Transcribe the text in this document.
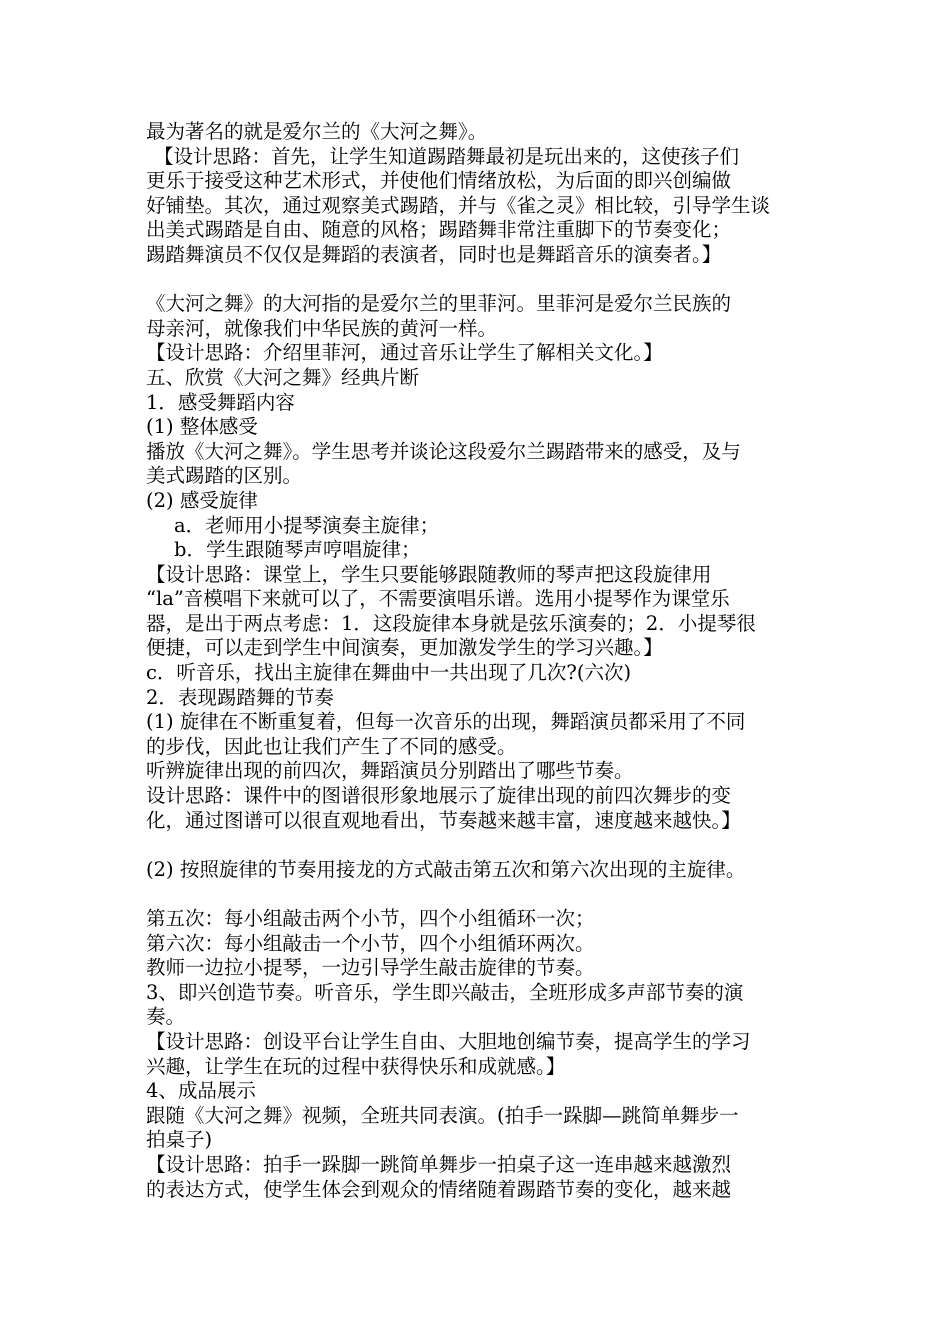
最为著名的就是爱尔兰的《大河之舞》。
【设计思路：首先，让学生知道踢踏舞最初是玩出来的，这使孩子们
更乐于接受这种艺术形式，并使他们情绪放松，为后面的即兴创编做
好铺垫。其次，通过观察美式踢踏，并与《雀之灵》相比较，引导学生谈
出美式踢踏是自由、随意的风格；踢踏舞非常注重脚下的节奏变化；
踢踏舞演员不仅仅是舞蹈的表演者，同时也是舞蹈音乐的演奏者。】
《大河之舞》的大河指的是爱尔兰的里菲河。里菲河是爱尔兰民族的
母亲河，就像我们中华民族的黄河一样。
【设计思路：介绍里菲河，通过音乐让学生了解相关文化。】
五、欣赏《大河之舞》经典片断
1．感受舞蹈内容
(1) 整体感受
播放《大河之舞》。学生思考并谈论这段爱尔兰踢踏带来的感受，及与
美式踢踏的区别。
(2) 感受旋律
a．老师用小提琴演奏主旋律；
b．学生跟随琴声哼唱旋律；
【设计思路：课堂上，学生只要能够跟随教师的琴声把这段旋律用
“la”音模唱下来就可以了，不需要演唱乐谱。选用小提琴作为课堂乐
器，是出于两点考虑：1．这段旋律本身就是弦乐演奏的；2．小提琴很
便捷，可以走到学生中间演奏，更加激发学生的学习兴趣。】
c．听音乐，找出主旋律在舞曲中一共出现了几次?(六次)
2．表现踢踏舞的节奏
(1) 旋律在不断重复着，但每一次音乐的出现，舞蹈演员都采用了不同
的步伐，因此也让我们产生了不同的感受。
听辨旋律出现的前四次，舞蹈演员分别踏出了哪些节奏。
设计思路：课件中的图谱很形象地展示了旋律出现的前四次舞步的变
化，通过图谱可以很直观地看出，节奏越来越丰富，速度越来越快。】
(2) 按照旋律的节奏用接龙的方式敲击第五次和第六次出现的主旋律。
第五次：每小组敲击两个小节，四个小组循环一次；
第六次：每小组敲击一个小节，四个小组循环两次。
教师一边拉小提琴，一边引导学生敲击旋律的节奏。
3、即兴创造节奏。听音乐，学生即兴敲击，全班形成多声部节奏的演
奏。
【设计思路：创设平台让学生自由、大胆地创编节奏，提高学生的学习
兴趣，让学生在玩的过程中获得快乐和成就感。】
4、成品展示
跟随《大河之舞》视频，全班共同表演。(拍手一跺脚—跳简单舞步一
拍桌子)
【设计思路：拍手一跺脚一跳简单舞步一拍桌子这一连串越来越激烈
的表达方式，使学生体会到观众的情绪随着踢踏节奏的变化，越来越
